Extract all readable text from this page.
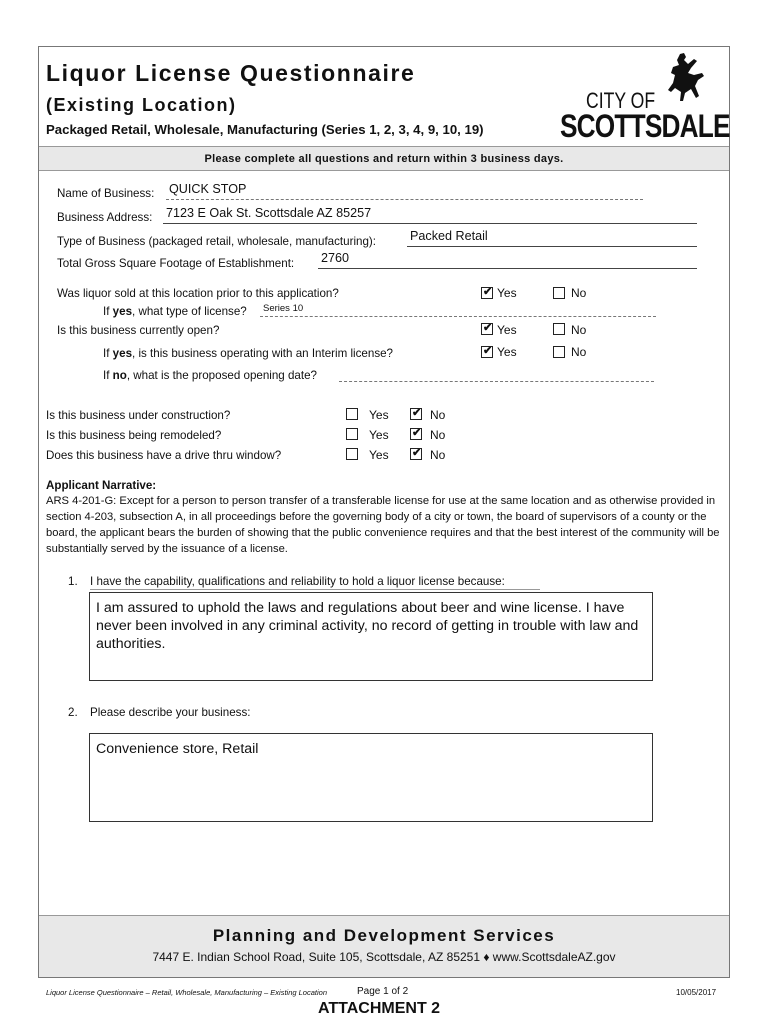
Liquor License Questionnaire
(Existing Location)
Packaged Retail, Wholesale, Manufacturing (Series 1, 2, 3, 4, 9, 10, 19)
CITY OF
SCOTTSDALE
Please complete all questions and return within 3 business days.
Name of Business: QUICK STOP
Business Address: 7123 E Oak St. Scottsdale AZ 85257
Type of Business (packaged retail, wholesale, manufacturing):	Packed Retail
Total Gross Square Footage of Establishment: 2760
Was liquor sold at this location prior to this application?	✔ Yes	No
If yes, what type of license? Series 10
Is this business currently open?	✔ Yes	No
If yes, is this business operating with an Interim license?	✔ Yes	No
If no, what is the proposed opening date?
Is this business under construction?	Yes ✔ No
Is this business being remodeled?	Yes ✔ No
Does this business have a drive thru window?	Yes ✔ No
Applicant Narrative:
ARS 4-201-G: Except for a person to person transfer of a transferable license for use at the same location and as otherwise provided in section 4-203, subsection A, in all proceedings before the governing body of a city or town, the board of supervisors of a county or the board, the applicant bears the burden of showing that the public convenience requires and that the best interest of the community will be substantially served by the issuance of a license.
1. I have the capability, qualifications and reliability to hold a liquor license because:
I am assured to uphold the laws and regulations about beer and wine license. I have never been involved in any criminal activity, no record of getting in trouble with law and authorities.
2. Please describe your business:
Convenience store, Retail
Planning and Development Services
7447 E. Indian School Road, Suite 105, Scottsdale, AZ 85251 ♦ www.ScottsdaleAZ.gov
Liquor License Questionnaire – Retail, Wholesale, Manufacturing – Existing Location	Page 1 of 2	10/05/2017
ATTACHMENT 2
